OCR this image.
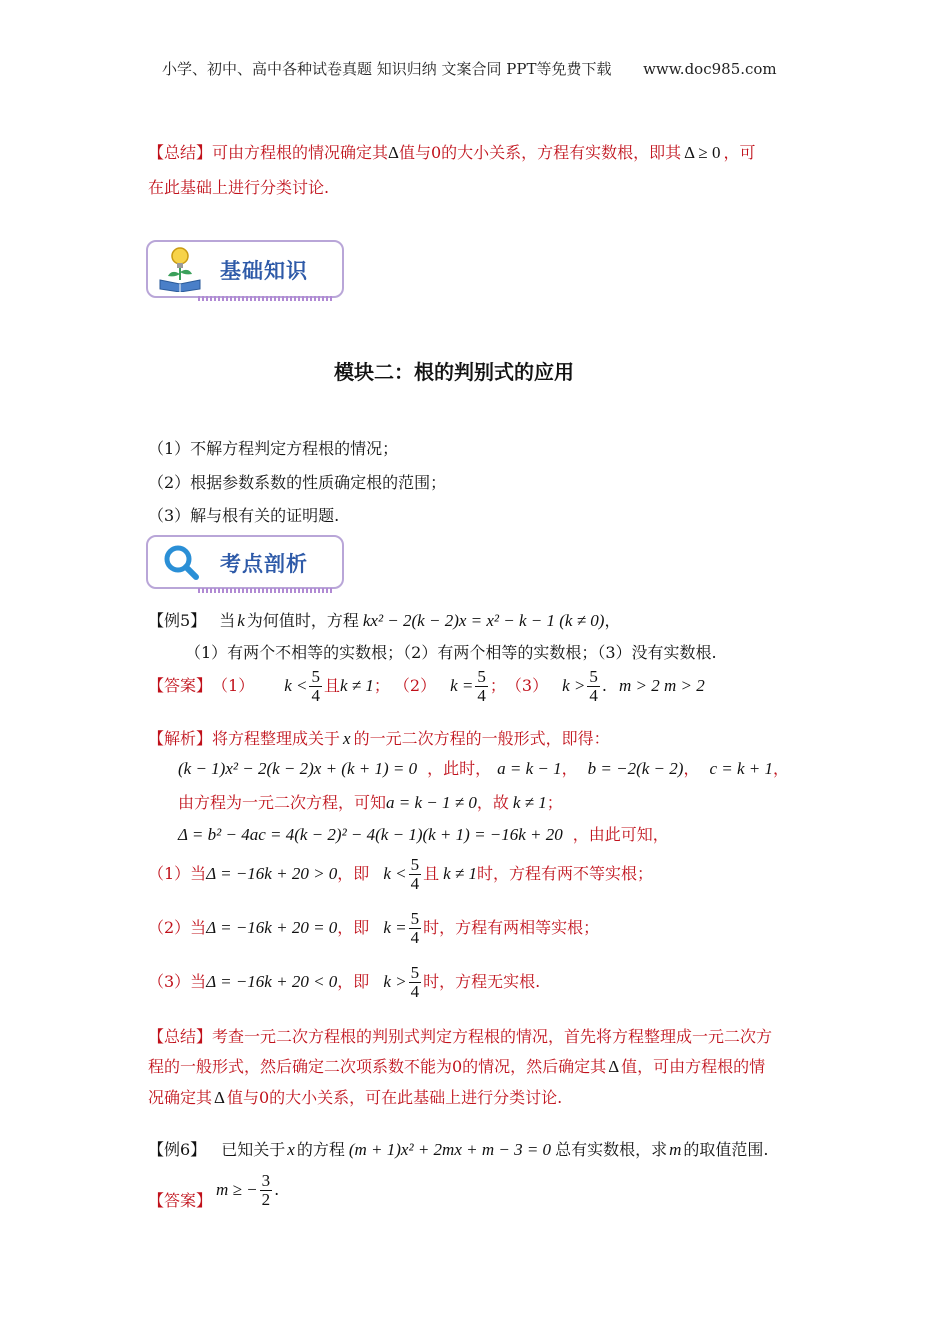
小学、初中、高中各种试卷真题 知识归纳 文案合同 PPT等免费下载 www.doc985.com
【总结】可由方程根的情况确定其Δ值与0的大小关系，方程有实数根，即其 Δ ≥ 0 ，可
在此基础上进行分类讨论.
基础知识
模块二：根的判别式的应用
（1）不解方程判定方程根的情况；
（2）根据参数系数的性质确定根的范围；
（3）解与根有关的证明题.
考点剖析
【例5】 当 k 为何值时，方程 kx² − 2(k − 2)x = x² − k − 1 (k ≠ 0)，
（1）有两个不相等的实数根；（2）有两个相等的实数根；（3）没有实数根.
【答案】 （1） $k < \frac{5}{4}$ 且 k ≠ 1 ； （2） $k = \frac{5}{4}$ ； （3） $k > \frac{5}{4}$ . m > 2 m > 2
【解析】将方程整理成关于 x 的一元二次方程的一般形式，即得：
(k − 1)x² − 2(k − 2)x + (k + 1) = 0 ，此时， a = k − 1， b = −2(k − 2)， c = k + 1，
由方程为一元二次方程，可知a = k − 1 ≠ 0，故 k ≠ 1；
Δ = b² − 4ac = 4(k − 2)² − 4(k − 1)(k + 1) = −16k + 20 ，由此可知，
（1）当 Δ = −16k + 20 > 0 ，即 $k < \frac{5}{4}$ 且 k ≠ 1 时，方程有两不等实根；
（2）当 Δ = −16k + 20 = 0 ，即 $k = \frac{5}{4}$ 时，方程有两相等实根；
（3）当 Δ = −16k + 20 < 0 ，即 $k > \frac{5}{4}$ 时，方程无实根.
【总结】考查一元二次方程根的判别式判定方程根的情况，首先将方程整理成一元二次方
程的一般形式，然后确定二次项系数不能为0的情况，然后确定其 Δ 值，可由方程根的情
况确定其 Δ 值与0的大小关系，可在此基础上进行分类讨论.
【例6】 已知关于 x 的方程 (m + 1)x² + 2mx + m − 3 = 0 总有实数根，求 m 的取值范围.
【答案】
m ≥ − $\frac{3}{2}$ .
